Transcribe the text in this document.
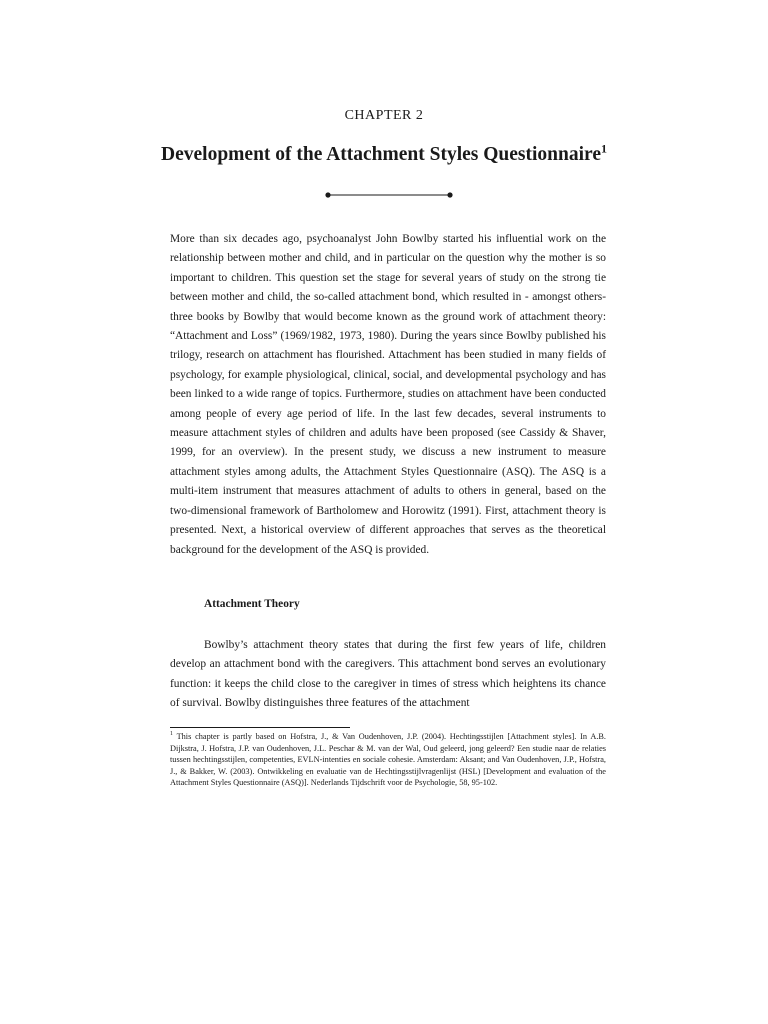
CHAPTER 2
Development of the Attachment Styles Questionnaire$^1$

More than six decades ago, psychoanalyst John Bowlby started his influential work on the relationship between mother and child, and in particular on the question why the mother is so important to children. This question set the stage for several years of study on the strong tie between mother and child, the so-called attachment bond, which resulted in - amongst others- three books by Bowlby that would become known as the ground work of attachment theory: “Attachment and Loss” (1969/1982, 1973, 1980). During the years since Bowlby published his trilogy, research on attachment has flourished. Attachment has been studied in many fields of psychology, for example physiological, clinical, social, and developmental psychology and has been linked to a wide range of topics. Furthermore, studies on attachment have been conducted among people of every age period of life. In the last few decades, several instruments to measure attachment styles of children and adults have been proposed (see Cassidy & Shaver, 1999, for an overview). In the present study, we discuss a new instrument to measure attachment styles among adults, the Attachment Styles Questionnaire (ASQ). The ASQ is a multi-item instrument that measures attachment of adults to others in general, based on the two-dimensional framework of Bartholomew and Horowitz (1991). First, attachment theory is presented. Next, a historical overview of different approaches that serves as the theoretical background for the development of the ASQ is provided.

Attachment Theory

Bowlby’s attachment theory states that during the first few years of life, children develop an attachment bond with the caregivers. This attachment bond serves an evolutionary function: it keeps the child close to the caregiver in times of stress which heightens its chance of survival. Bowlby distinguishes three features of the attachment

$^1$ This chapter is partly based on Hofstra, J., & Van Oudenhoven, J.P. (2004). Hechtingsstijlen [Attachment styles]. In A.B. Dijkstra, J. Hofstra, J.P. van Oudenhoven, J.L. Peschar & M. van der Wal, Oud geleerd, jong geleerd? Een studie naar de relaties tussen hechtingsstijlen, competenties, EVLN-intenties en sociale cohesie. Amsterdam: Aksant; and Van Oudenhoven, J.P., Hofstra, J., & Bakker, W. (2003). Ontwikkeling en evaluatie van de Hechtingsstijlvragenlijst (HSL) [Development and evaluation of the Attachment Styles Questionnaire (ASQ)]. Nederlands Tijdschrift voor de Psychologie, 58, 95-102.
